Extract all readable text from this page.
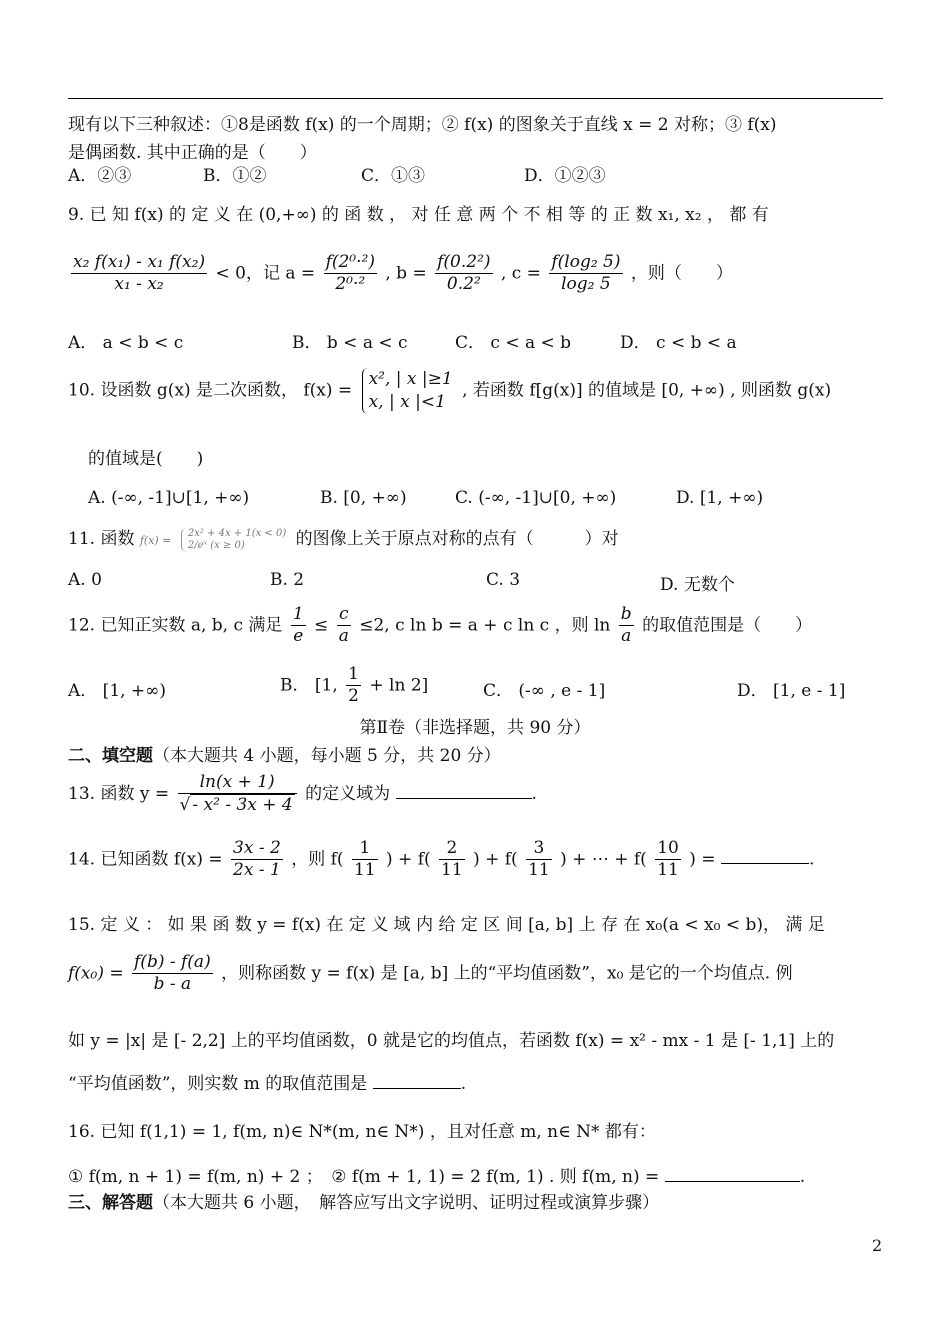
现有以下三种叙述：①8是函数 f(x) 的一个周期；② f(x) 的图象关于直线 x = 2 对称；③ f(x)
是偶函数. 其中正确的是（　　）
A．②③	B．①②	C．①③	D．①②③
9. 已 知 f(x) 的 定 义 在 (0,+∞) 的 函 数 ， 对 任 意 两 个 不 相 等 的 正 数 x₁, x₂ ， 都 有
$\frac{\text{x₂ f(x₁) - x₁ f(x₂)}}{\text{x₁ - x₂}} < 0$，记 $a = \frac{\text{f(2⁰·²)}}{\text{2⁰·²}}$ , $b = \frac{\text{f(0.2²)}}{\text{0.2²}}$ , $c = \frac{\text{f(log₂ 5)}}{\text{log₂ 5}}$ ，则（　　）
A． a < b < c	B． b < a < c	C． c < a < b	D． c < b < a
10. 设函数 g(x) 是二次函数， f(x) =
x², | x |≥1
x, | x |<1
, 若函数 f[g(x)] 的值域是 [0, +∞) , 则函数 g(x)
的值域是(　　)
A. (-∞, -1]∪[1, +∞)	B. [0, +∞)	C. (-∞, -1]∪[0, +∞)	D. [1, +∞)
11. 函数 f(x) =
2x² + 4x + 1(x < 0)
2/eˣ (x ≥ 0)	的图像上关于原点对称的点有（　　　）对
A. 0	B. 2	C. 3	D. 无数个
12. 已知正实数 a, b, c 满足 $\frac{1}{e} \le \frac{c}{a} \le 2$, c ln b = a + c ln c ，则 $\ln \frac{b}{a}$ 的取值范围是（　　）
A． [1, +∞)	B． [1, $\frac{1}{2} + \ln 2$]	C． (-∞ , e - 1]	D． [1, e - 1]
第Ⅱ卷（非选择题，共 90 分）
二、填空题（本大题共 4 小题，每小题 5 分，共 20 分）
13. 函数 $y = \frac{\ln(x + 1)}{\text{√ - x² - 3x + 4}}$ 的定义域为	.
14. 已知函数 $f(x) = \frac{3x - 2}{2x - 1}$ ，则 $f( \frac{1}{11}$ ) + $f( \frac{2}{11}$ ) + $f( \frac{3}{11}$ ) + ⋯ + $f( \frac{10}{11}$ ) =	.
15. 定 义 ： 如 果 函 数 y = f(x) 在 定 义 域 内 给 定 区 间 [a, b] 上 存 在 x₀(a < x₀ < b)， 满 足
$f(x_0) = \frac{f(b) - f(a)}{b - a}$ ，则称函数 y = f(x) 是 [a, b] 上的“平均值函数”，x₀ 是它的一个均值点. 例
如 y = |x| 是 [- 2,2] 上的平均值函数，0 就是它的均值点，若函数 f(x) = x² - mx - 1 是 [- 1,1] 上的
“平均值函数”，则实数 m 的取值范围是	.
16. 已知 f(1,1) = 1, f(m, n)∈ N*(m, n∈ N*) ，且对任意 m, n∈ N* 都有：
① f(m, n + 1) = f(m, n) + 2 ；　② f(m + 1, 1) = 2 f(m, 1) . 则 f(m, n) =	.
三、解答题（本大题共 6 小题，　解答应写出文字说明、证明过程或演算步骤）
2
